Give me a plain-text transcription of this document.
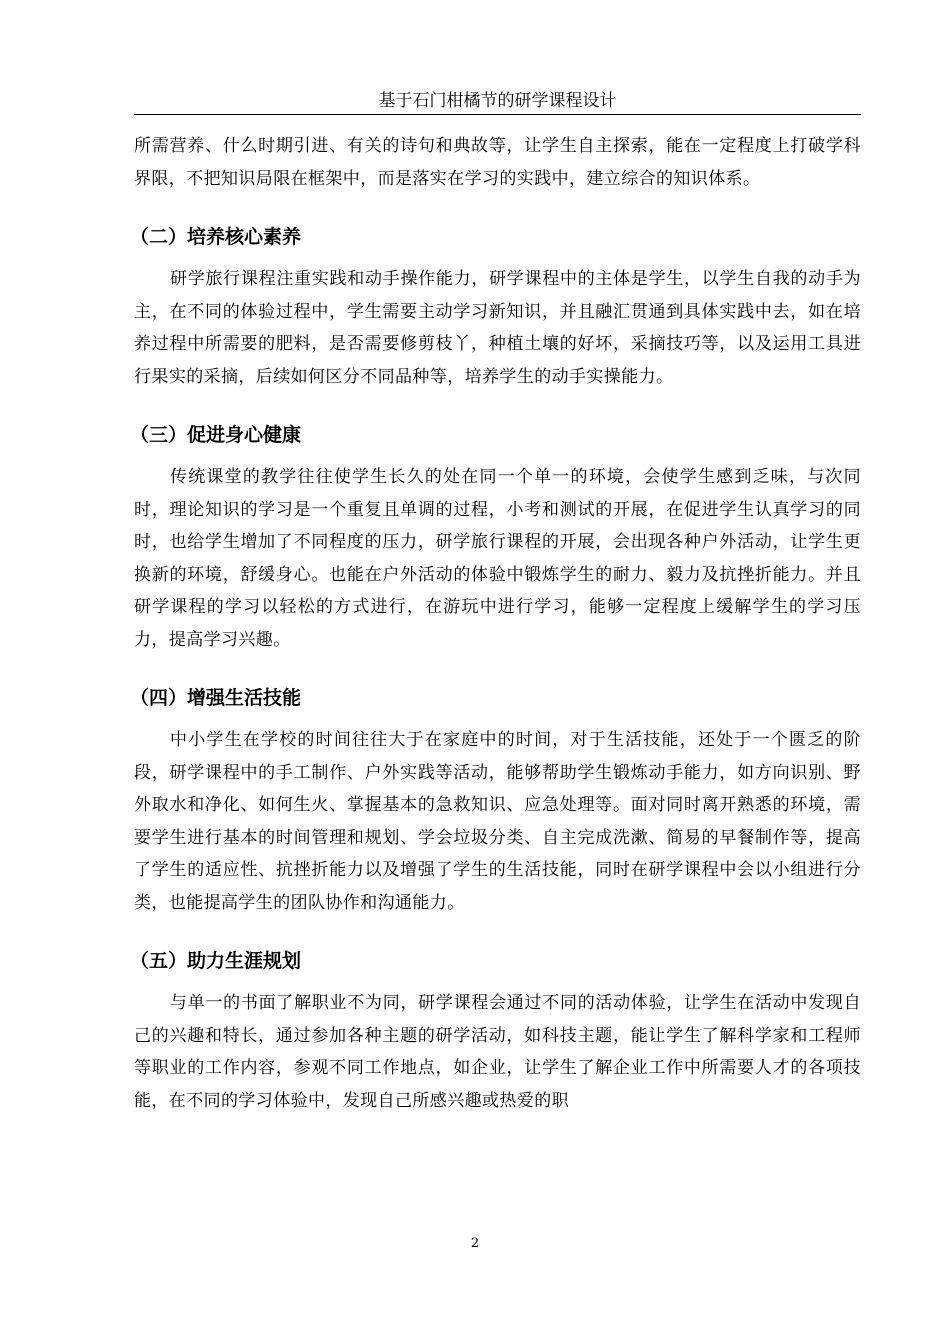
基于石门柑橘节的研学课程设计

所需营养、什么时期引进、有关的诗句和典故等，让学生自主探索，能在一定程度上打破学科界限，不把知识局限在框架中，而是落实在学习的实践中，建立综合的知识体系。

（二）培养核心素养

研学旅行课程注重实践和动手操作能力，研学课程中的主体是学生，以学生自我的动手为主，在不同的体验过程中，学生需要主动学习新知识，并且融汇贯通到具体实践中去，如在培养过程中所需要的肥料，是否需要修剪枝丫，种植土壤的好坏，采摘技巧等，以及运用工具进行果实的采摘，后续如何区分不同品种等，培养学生的动手实操能力。

（三）促进身心健康

传统课堂的教学往往使学生长久的处在同一个单一的环境，会使学生感到乏味，与次同时，理论知识的学习是一个重复且单调的过程，小考和测试的开展，在促进学生认真学习的同时，也给学生增加了不同程度的压力，研学旅行课程的开展，会出现各种户外活动，让学生更换新的环境，舒缓身心。也能在户外活动的体验中锻炼学生的耐力、毅力及抗挫折能力。并且研学课程的学习以轻松的方式进行，在游玩中进行学习，能够一定程度上缓解学生的学习压力，提高学习兴趣。

（四）增强生活技能

中小学生在学校的时间往往大于在家庭中的时间，对于生活技能，还处于一个匮乏的阶段，研学课程中的手工制作、户外实践等活动，能够帮助学生锻炼动手能力，如方向识别、野外取水和净化、如何生火、掌握基本的急救知识、应急处理等。面对同时离开熟悉的环境，需要学生进行基本的时间管理和规划、学会垃圾分类、自主完成洗漱、简易的早餐制作等，提高了学生的适应性、抗挫折能力以及增强了学生的生活技能，同时在研学课程中会以小组进行分类，也能提高学生的团队协作和沟通能力。

（五）助力生涯规划

与单一的书面了解职业不为同，研学课程会通过不同的活动体验，让学生在活动中发现自己的兴趣和特长，通过参加各种主题的研学活动，如科技主题，能让学生了解科学家和工程师等职业的工作内容，参观不同工作地点，如企业，让学生了解企业工作中所需要人才的各项技能，在不同的学习体验中，发现自己所感兴趣或热爱的职

2
